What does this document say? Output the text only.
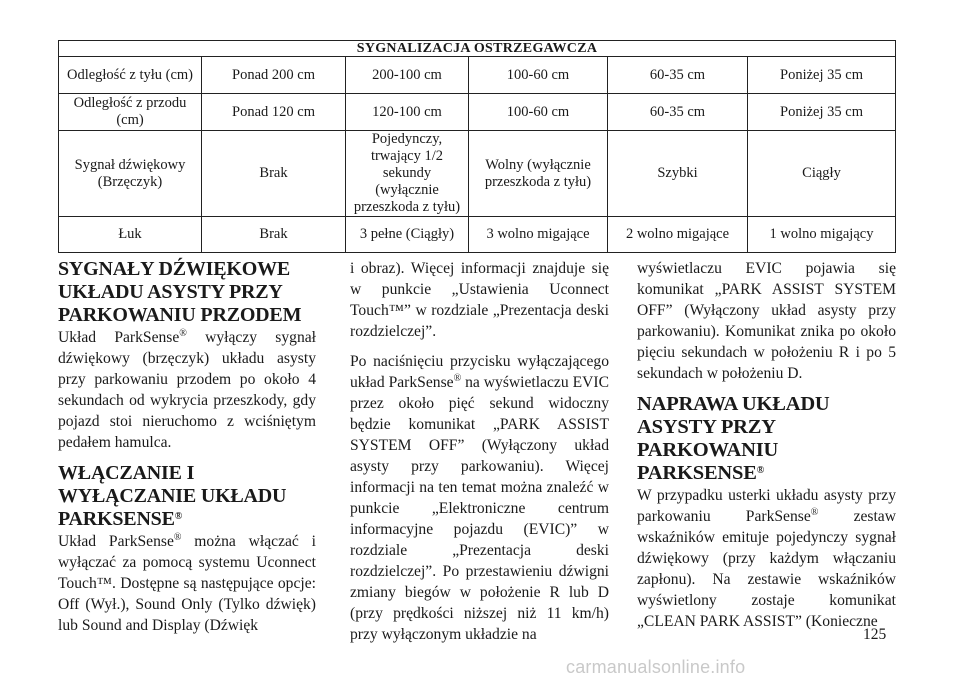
SYGNALIZACJA OSTRZEGAWCZA					
Odległość z tyłu (cm)	Ponad 200 cm	200-100 cm	100-60 cm	60-35 cm	Poniżej 35 cm
Odległość z przodu (cm)	Ponad 120 cm	120-100 cm	100-60 cm	60-35 cm	Poniżej 35 cm
Sygnał dźwiękowy (Brzęczyk)	Brak	Pojedynczy, trwający 1/2 sekundy (wyłącznie przeszkoda z tyłu)	Wolny (wyłącznie przeszkoda z tyłu)	Szybki	Ciągły
Łuk	Brak	3 pełne (Ciągły)	3 wolno migające	2 wolno migające	1 wolno migający
SYGNAŁY DŹWIĘKOWE UKŁADU ASYSTY PRZY PARKOWANIU PRZODEM

Układ ParkSense® wyłączy sygnał dźwiękowy (brzęczyk) układu asysty przy parkowaniu przodem po około 4 sekundach od wykrycia przeszkody, gdy pojazd stoi nieruchomo z wciśniętym pedałem hamulca.

WŁĄCZANIE I WYŁĄCZANIE UKŁADU PARKSENSE®

Układ ParkSense® można włączać i wyłączać za pomocą systemu Uconnect Touch™. Dostępne są następujące opcje: Off (Wył.), Sound Only (Tylko dźwięk) lub Sound and Display (Dźwięk

i obraz). Więcej informacji znajduje się w punkcie „Ustawienia Uconnect Touch™” w rozdziale „Prezentacja deski rozdzielczej”.

Po naciśnięciu przycisku wyłączającego układ ParkSense® na wyświetlaczu EVIC przez około pięć sekund widoczny będzie komunikat „PARK ASSIST SYSTEM OFF” (Wyłączony układ asysty przy parkowaniu). Więcej informacji na ten temat można znaleźć w punkcie „Elektroniczne centrum informacyjne pojazdu (EVIC)” w rozdziale „Prezentacja deski rozdzielczej”. Po przestawieniu dźwigni zmiany biegów w położenie R lub D (przy prędkości niższej niż 11 km/h) przy wyłączonym układzie na

wyświetlaczu EVIC pojawia się komunikat „PARK ASSIST SYSTEM OFF” (Wyłączony układ asysty przy parkowaniu). Komunikat znika po około pięciu sekundach w położeniu R i po 5 sekundach w położeniu D.

NAPRAWA UKŁADU ASYSTY PRZY PARKOWANIU PARKSENSE®

W przypadku usterki układu asysty przy parkowaniu ParkSense® zestaw wskaźników emituje pojedynczy sygnał dźwiękowy (przy każdym włączaniu zapłonu). Na zestawie wskaźników wyświetlony zostaje komunikat „CLEAN PARK ASSIST” (Konieczne

125
carmanualsonline.info
